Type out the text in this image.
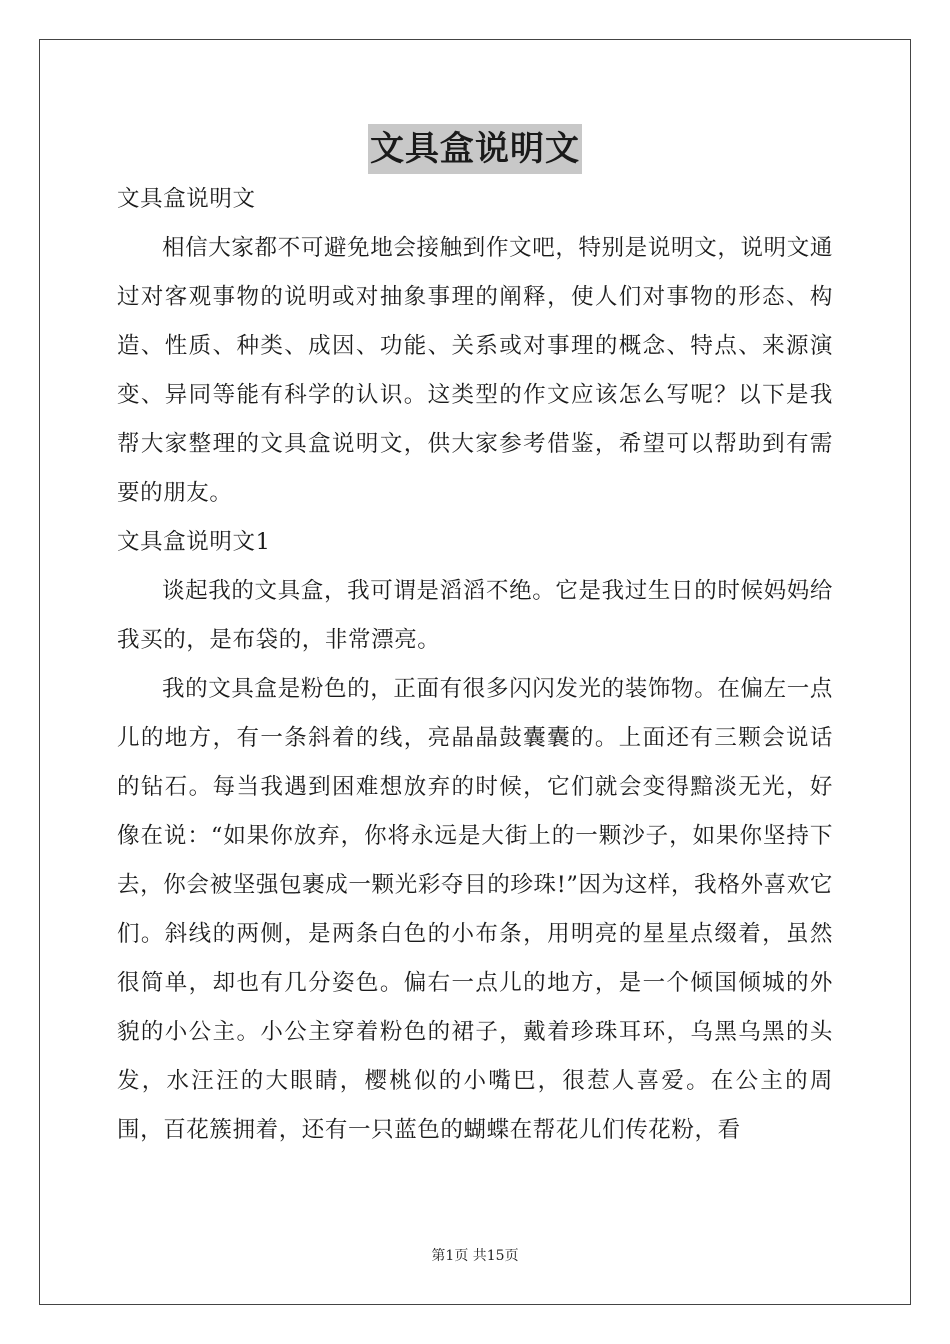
文具盒说明文

文具盒说明文

相信大家都不可避免地会接触到作文吧，特别是说明文，说明文通过对客观事物的说明或对抽象事理的阐释，使人们对事物的形态、构造、性质、种类、成因、功能、关系或对事理的概念、特点、来源演变、异同等能有科学的认识。这类型的作文应该怎么写呢？以下是我帮大家整理的文具盒说明文，供大家参考借鉴，希望可以帮助到有需要的朋友。

文具盒说明文1

谈起我的文具盒，我可谓是滔滔不绝。它是我过生日的时候妈妈给我买的，是布袋的，非常漂亮。

我的文具盒是粉色的，正面有很多闪闪发光的装饰物。在偏左一点儿的地方，有一条斜着的线，亮晶晶鼓囊囊的。上面还有三颗会说话的钻石。每当我遇到困难想放弃的时候，它们就会变得黯淡无光，好像在说：“如果你放弃，你将永远是大街上的一颗沙子，如果你坚持下去，你会被坚强包裹成一颗光彩夺目的珍珠!”因为这样，我格外喜欢它们。斜线的两侧，是两条白色的小布条，用明亮的星星点缀着，虽然很简单，却也有几分姿色。偏右一点儿的地方，是一个倾国倾城的外貌的小公主。小公主穿着粉色的裙子，戴着珍珠耳环，乌黑乌黑的头发，水汪汪的大眼睛，樱桃似的小嘴巴，很惹人喜爱。在公主的周围，百花簇拥着，还有一只蓝色的蝴蝶在帮花儿们传花粉，看

第1页 共15页
